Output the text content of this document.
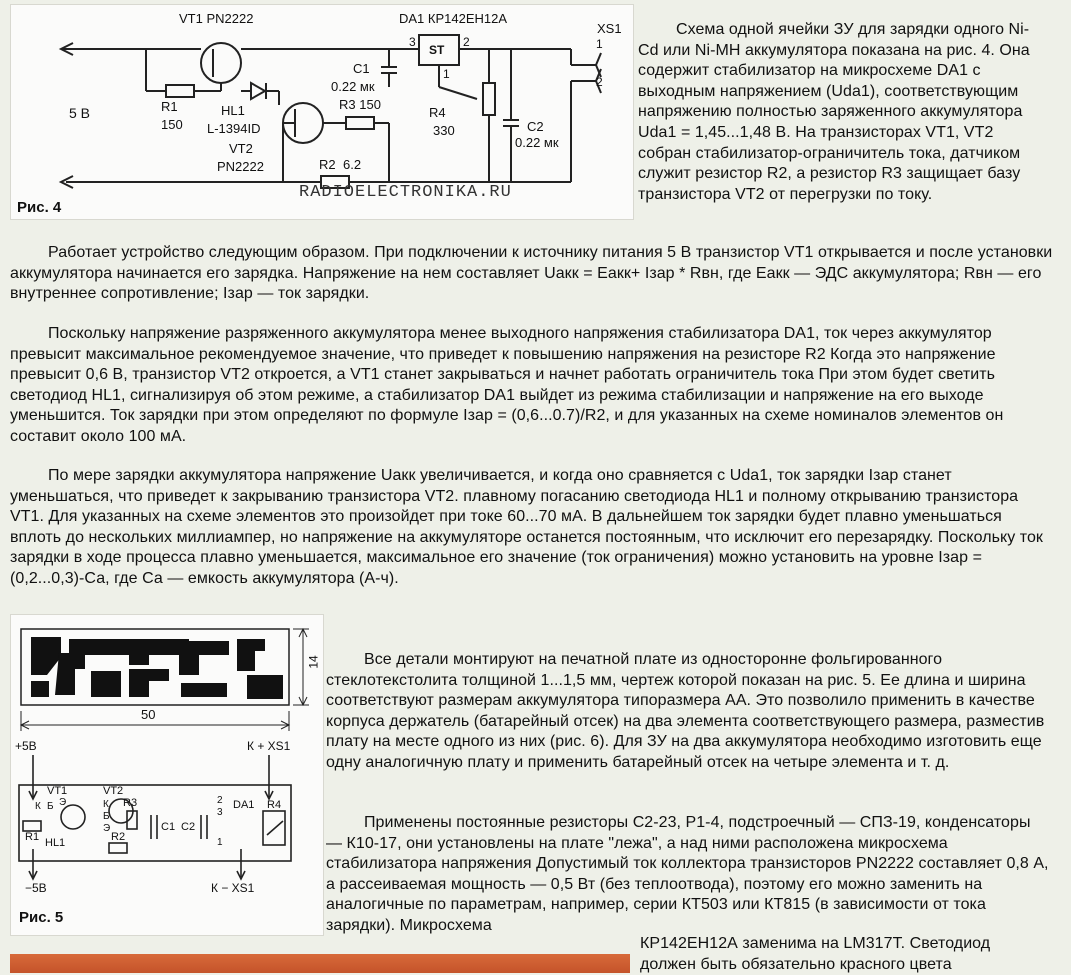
VT1 PN2222	DA1 КР142ЕН12А
XS1
1
2
3	2
1
ST
C1
0.22 мк
R1
150
HL1
L-1394ID
VT2
PN2222
R3 150
R4
330	C2
0.22 мк
R2 6.2
5 В
RADIOELECTRONIKA.RU
Рис. 4
50
14
+5В
−5В
К + XS1
К − XS1
VT1	VT2
К Б Э	К
Б
Э
R1 HL1
R3
R2
C1 C2
DA1
2
3
1
R4
Рис. 5

Схема одной ячейки ЗУ для зарядки одного Ni-Cd или Ni-MH аккумулятора показана на рис. 4. Она содержит стабилизатор на микросхеме DA1 с выходным напряжением (Uda1), соответствующим напряжению полностью заряженного аккумулятора Uda1 = 1,45...1,48 В. На транзисторах VT1, VT2 собран стабилизатор-ограничитель тока, датчиком служит резистор R2, а резистор R3 защищает базу транзистора VT2 от перегрузки по току.

Работает устройство следующим образом. При подключении к источнику питания 5 В транзистор VT1 открывается и после установки аккумулятора начинается его зарядка. Напряжение на нем составляет Uакк = Еакк+ Iзар * Rвн, где Еакк — ЭДС аккумулятора; Rвн — его внутреннее сопротивление; Iзар — ток зарядки.

Поскольку напряжение разряженного аккумулятора менее выходного напряжения стабилизатора DA1, ток через аккумулятор превысит максимальное рекомендуемое значение, что приведет к повышению напряжения на резисторе R2 Когда это напряжение превысит 0,6 В, транзистор VT2 откроется, а VT1 станет закрываться и начнет работать ограничитель тока При этом будет светить светодиод HL1, сигнализируя об этом режиме, а стабилизатор DA1 выйдет из режима стабилизации и напряжение на его выходе уменьшится. Ток зарядки при этом определяют по формуле Iзар = (0,6...0.7)/R2, и для указанных на схеме номиналов элементов он составит около 100 мА.

По мере зарядки аккумулятора напряжение Uакк увеличивается, и когда оно сравняется с Uda1, ток зарядки Iзар станет уменьшаться, что приведет к закрыванию транзистора VT2. плавному погасанию светодиода HL1 и полному открыванию транзистора VT1. Для указанных на схеме элементов это произойдет при токе 60...70 мА. В дальнейшем ток зарядки будет плавно уменьшаться вплоть до нескольких миллиампер, но напряжение на аккумуляторе останется постоянным, что исключит его перезарядку. Поскольку ток зарядки в ходе процесса плавно уменьшается, максимальное его значение (ток ограничения) можно установить на уровне Iзар = (0,2...0,3)-Са, где Са — емкость аккумулятора (А-ч).

Все детали монтируют на печатной плате из односторонне фольгированного стеклотекстолита толщиной 1...1,5 мм, чертеж которой показан на рис. 5. Ее длина и ширина соответствуют размерам аккумулятора типоразмера АА. Это позволило применить в качестве корпуса держатель (батарейный отсек) на два элемента соответствующего размера, разместив плату на месте одного из них (рис. 6). Для ЗУ на два аккумулятора необходимо изготовить еще одну аналогичную плату и применить батарейный отсек на четыре элемента и т. д.

Применены постоянные резисторы С2-23, Р1-4, подстроечный — СПЗ-19, конденсаторы — К10-17, они установлены на плате "лежа", а над ними расположена микросхема стабилизатора напряжения Допустимый ток коллектора транзисторов PN2222 составляет 0,8 А, а рассеиваемая мощность — 0,5 Вт (без теплоотвода), поэтому его можно заменить на аналогичные по параметрам, например, серии КТ503 или КТ815 (в зависимости от тока зарядки). Микросхема

КР142ЕН12А заменима на LM317Т. Светодиод должен быть обязательно красного цвета
